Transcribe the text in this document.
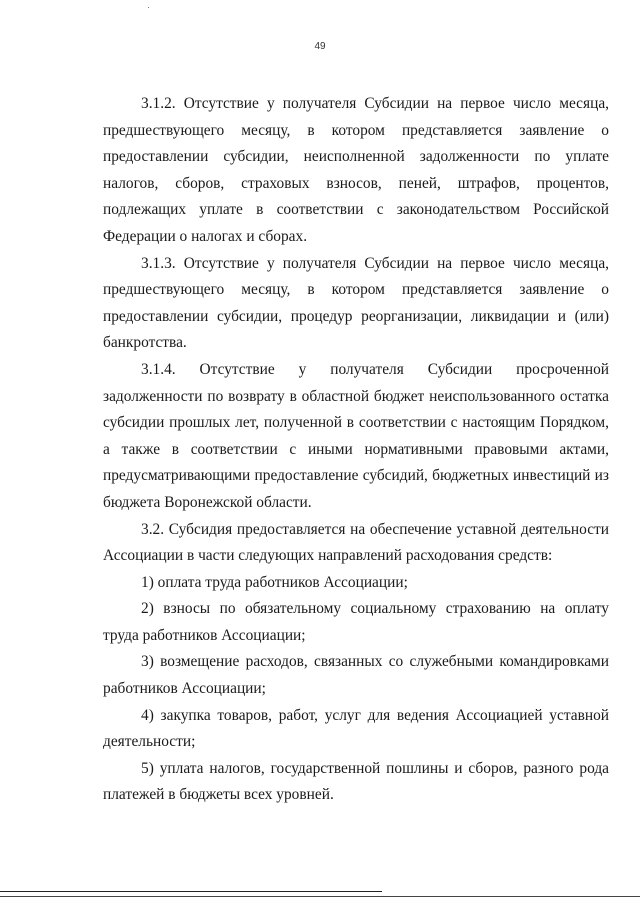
49

3.1.2. Отсутствие у получателя Субсидии на первое число месяца, предшествующего месяцу, в котором представляется заявление о предоставлении субсидии, неисполненной задолженности по уплате налогов, сборов, страховых взносов, пеней, штрафов, процентов, подлежащих уплате в соответствии с законодательством Российской Федерации о налогах и сборах.

3.1.3. Отсутствие у получателя Субсидии на первое число месяца, предшествующего месяцу, в котором представляется заявление о предоставлении субсидии, процедур реорганизации, ликвидации и (или) банкротства.

3.1.4. Отсутствие у получателя Субсидии просроченной задолженности по возврату в областной бюджет неиспользованного остатка субсидии прошлых лет, полученной в соответствии с настоящим Порядком, а также в соответствии с иными нормативными правовыми актами, предусматривающими предоставление субсидий, бюджетных инвестиций из бюджета Воронежской области.

3.2. Субсидия предоставляется на обеспечение уставной деятельности Ассоциации в части следующих направлений расходования средств:

1) оплата труда работников Ассоциации;

2) взносы по обязательному социальному страхованию на оплату труда работников Ассоциации;

3) возмещение расходов, связанных со служебными командировками работников Ассоциации;

4) закупка товаров, работ, услуг для ведения Ассоциацией уставной деятельности;

5) уплата налогов, государственной пошлины и сборов, разного рода платежей в бюджеты всех уровней.
